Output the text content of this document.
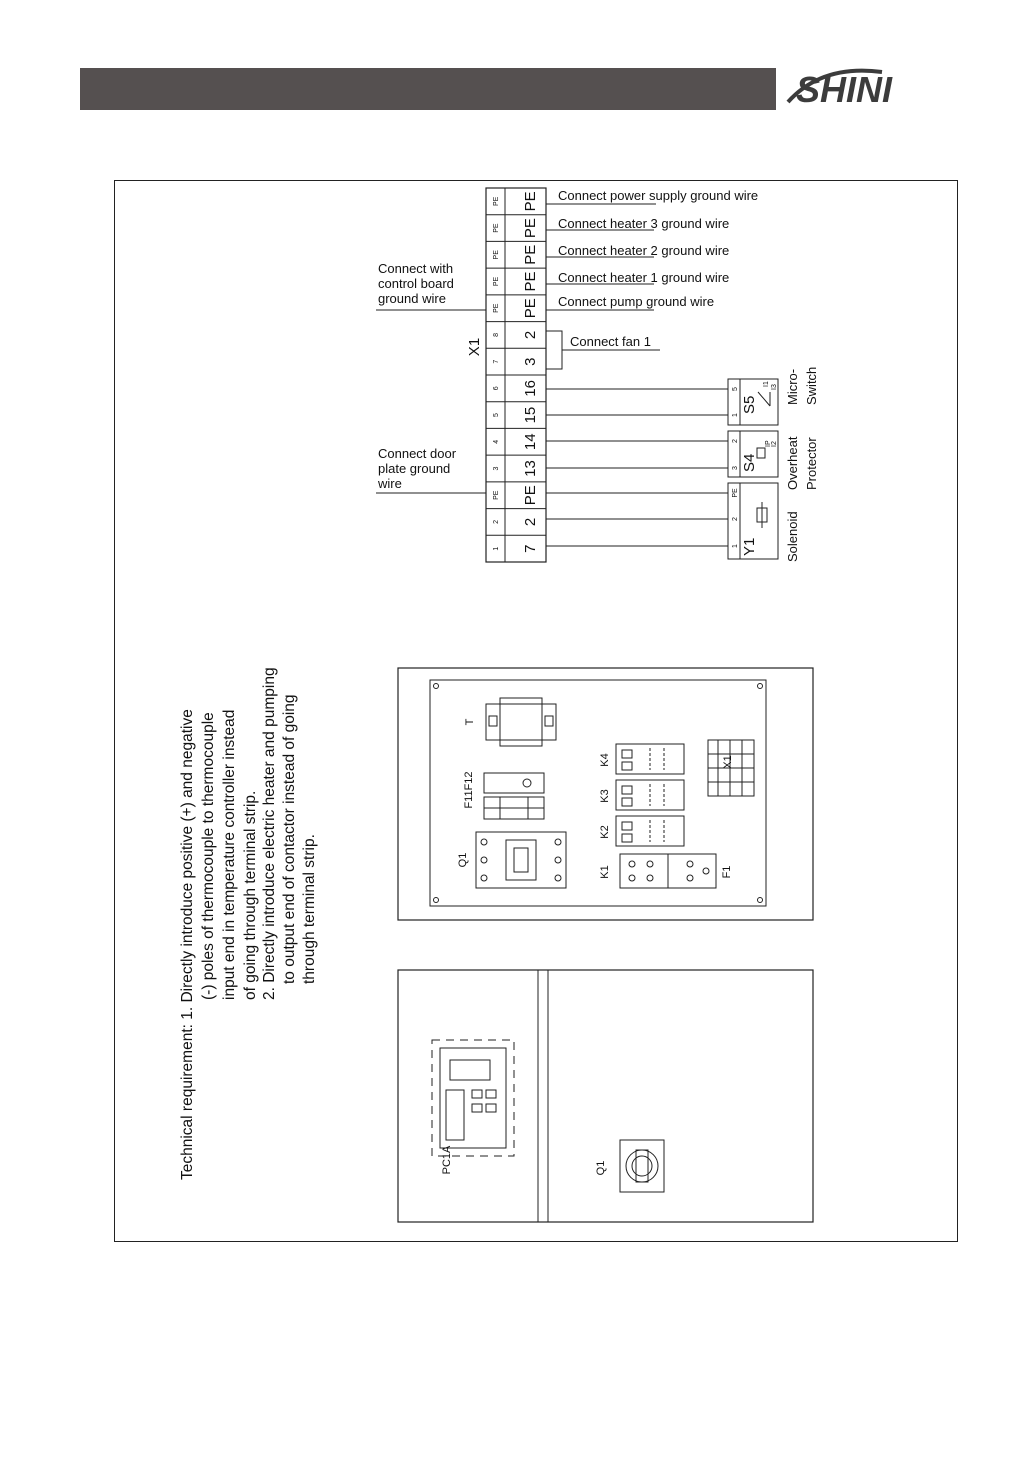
SHINI
PE PE
PE PE
PE PE
PE PE
PE PE
8 2
7 3
6 16
5 15
4 14
3 13
PE PE
2 2
1 7
X1
Connect power supply ground wire
Connect heater 3 ground wire
Connect heater 2 ground wire
Connect heater 1 ground wire
Connect pump ground wire
Connect fan 1
Connect with
control board
ground wire
Connect door
plate ground
wire
5
1
S5
I1
I3
2
3 S4
IP I2
PE
2
1 Y1
Micro- Switch
Overheat Protector
Solenoid
Technical requirement: 1. Directly introduce positive (+) and negative (-) poles of thermocouple to thermocouple input end in temperature controller instead of going through terminal strip. 2. Directly introduce electric heater and pumping to output end of contactor instead of going through terminal strip.
T
F11F12
Q1
K4
K3
K2
K1	F1
X1
PC1A	Q1
